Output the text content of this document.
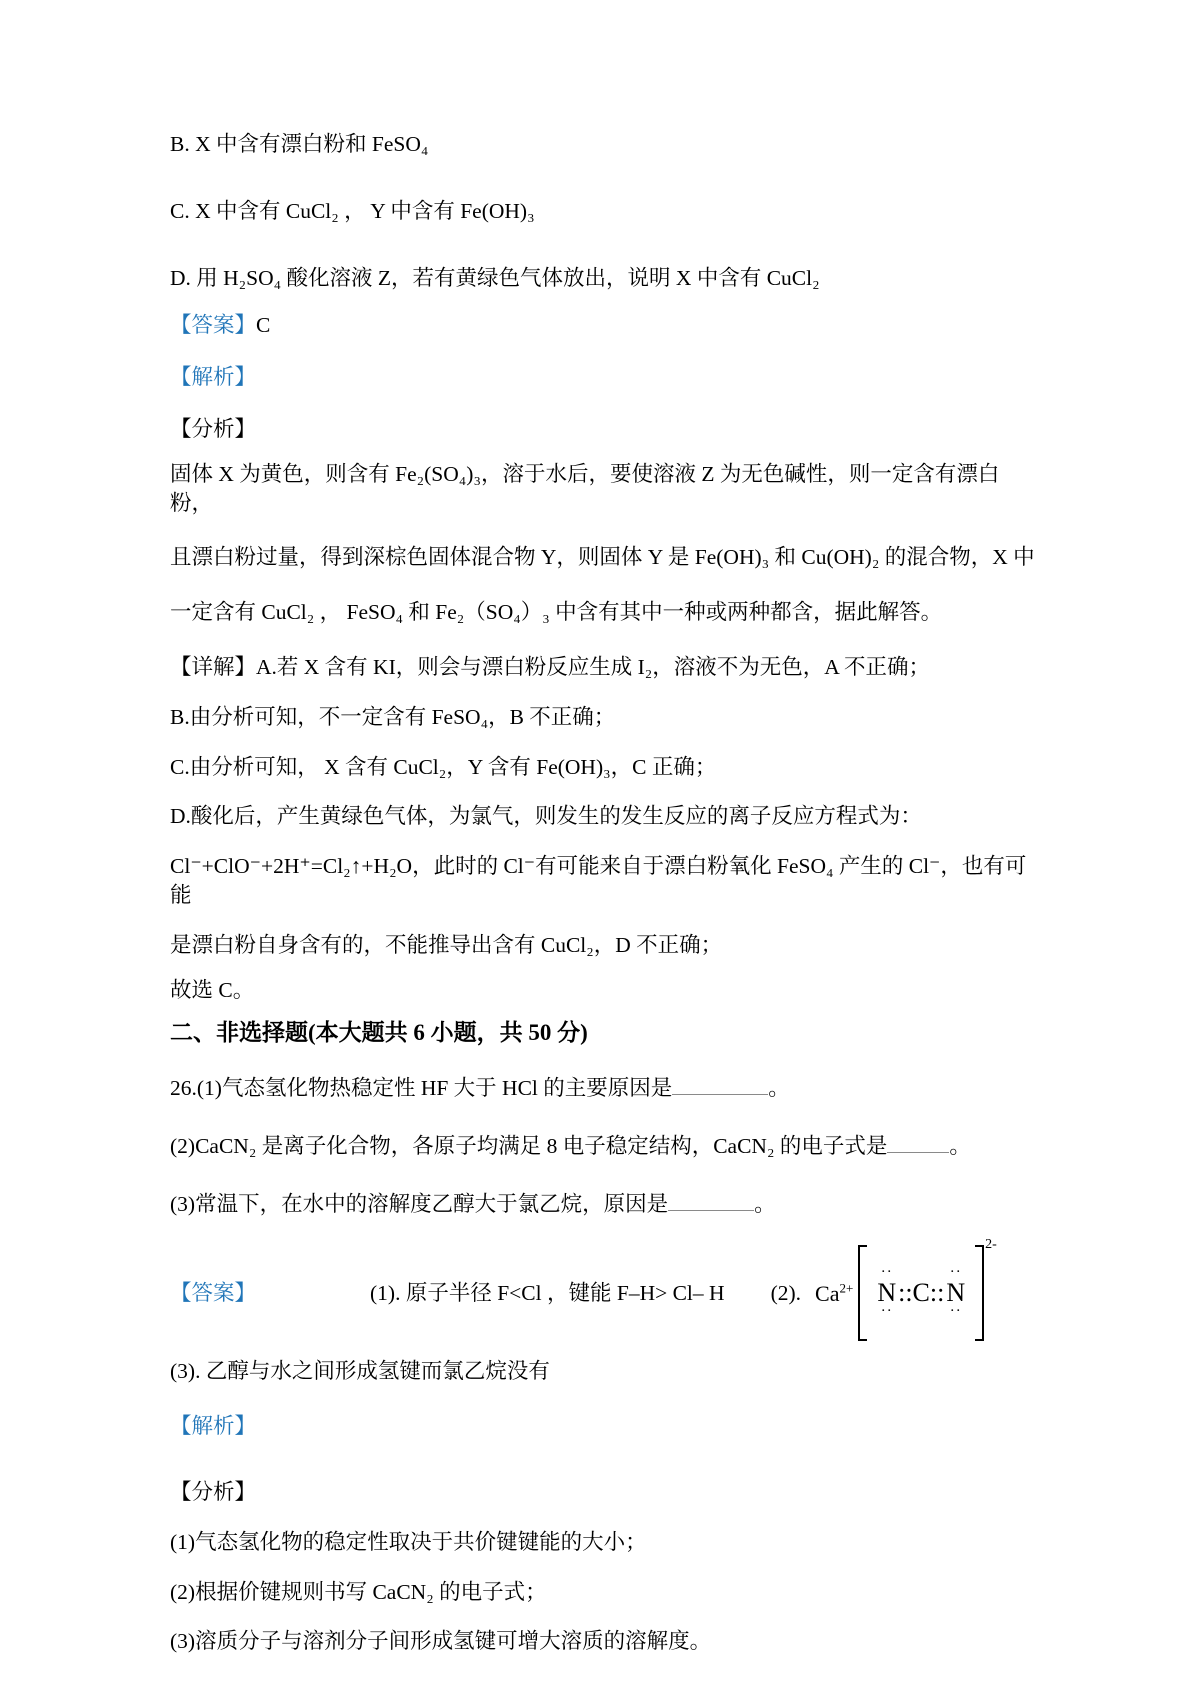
B. X 中含有漂白粉和 FeSO₄

C. X 中含有 CuCl₂ ， Y 中含有 Fe(OH)₃

D. 用 H₂SO₄ 酸化溶液 Z，若有黄绿色气体放出，说明 X 中含有 CuCl₂

【答案】C

【解析】

【分析】

固体 X 为黄色，则含有 Fe₂(SO₄)₃，溶于水后，要使溶液 Z 为无色碱性，则一定含有漂白粉，

且漂白粉过量，得到深棕色固体混合物 Y，则固体 Y 是 Fe(OH)₃ 和 Cu(OH)₂ 的混合物，X 中

一定含有 CuCl₂ ， FeSO₄ 和 Fe₂（SO₄）₃ 中含有其中一种或两种都含，据此解答。

【详解】A.若 X 含有 KI，则会与漂白粉反应生成 I₂，溶液不为无色，A 不正确；

B.由分析可知，不一定含有 FeSO₄，B 不正确；

C.由分析可知， X 含有 CuCl₂，Y 含有 Fe(OH)₃，C 正确；

D.酸化后，产生黄绿色气体，为氯气，则发生的发生反应的离子反应方程式为：

Cl⁻+ClO⁻+2H⁺=Cl₂↑+H₂O，此时的 Cl⁻有可能来自于漂白粉氧化 FeSO₄ 产生的 Cl⁻，也有可能

是漂白粉自身含有的，不能推导出含有 CuCl₂，D 不正确；

故选 C。

二、非选择题(本大题共 6 小题，共 50 分)

26.(1)气态氢化物热稳定性 HF 大于 HCl 的主要原因是	。

(2)CaCN₂ 是离子化合物，各原子均满足 8 电子稳定结构，CaCN₂ 的电子式是	。

(3)常温下，在水中的溶解度乙醇大于氯乙烷，原因是	。

【答案】	(1). 原子半径 F<Cl ，键能 F–H> Cl– H (2). $Ca^{2+}$
··
N
··
::C::
··
N
··
$^{2-}$

(3). 乙醇与水之间形成氢键而氯乙烷没有

【解析】

【分析】

(1)气态氢化物的稳定性取决于共价键键能的大小；

(2)根据价键规则书写 CaCN₂ 的电子式；

(3)溶质分子与溶剂分子间形成氢键可增大溶质的溶解度。
